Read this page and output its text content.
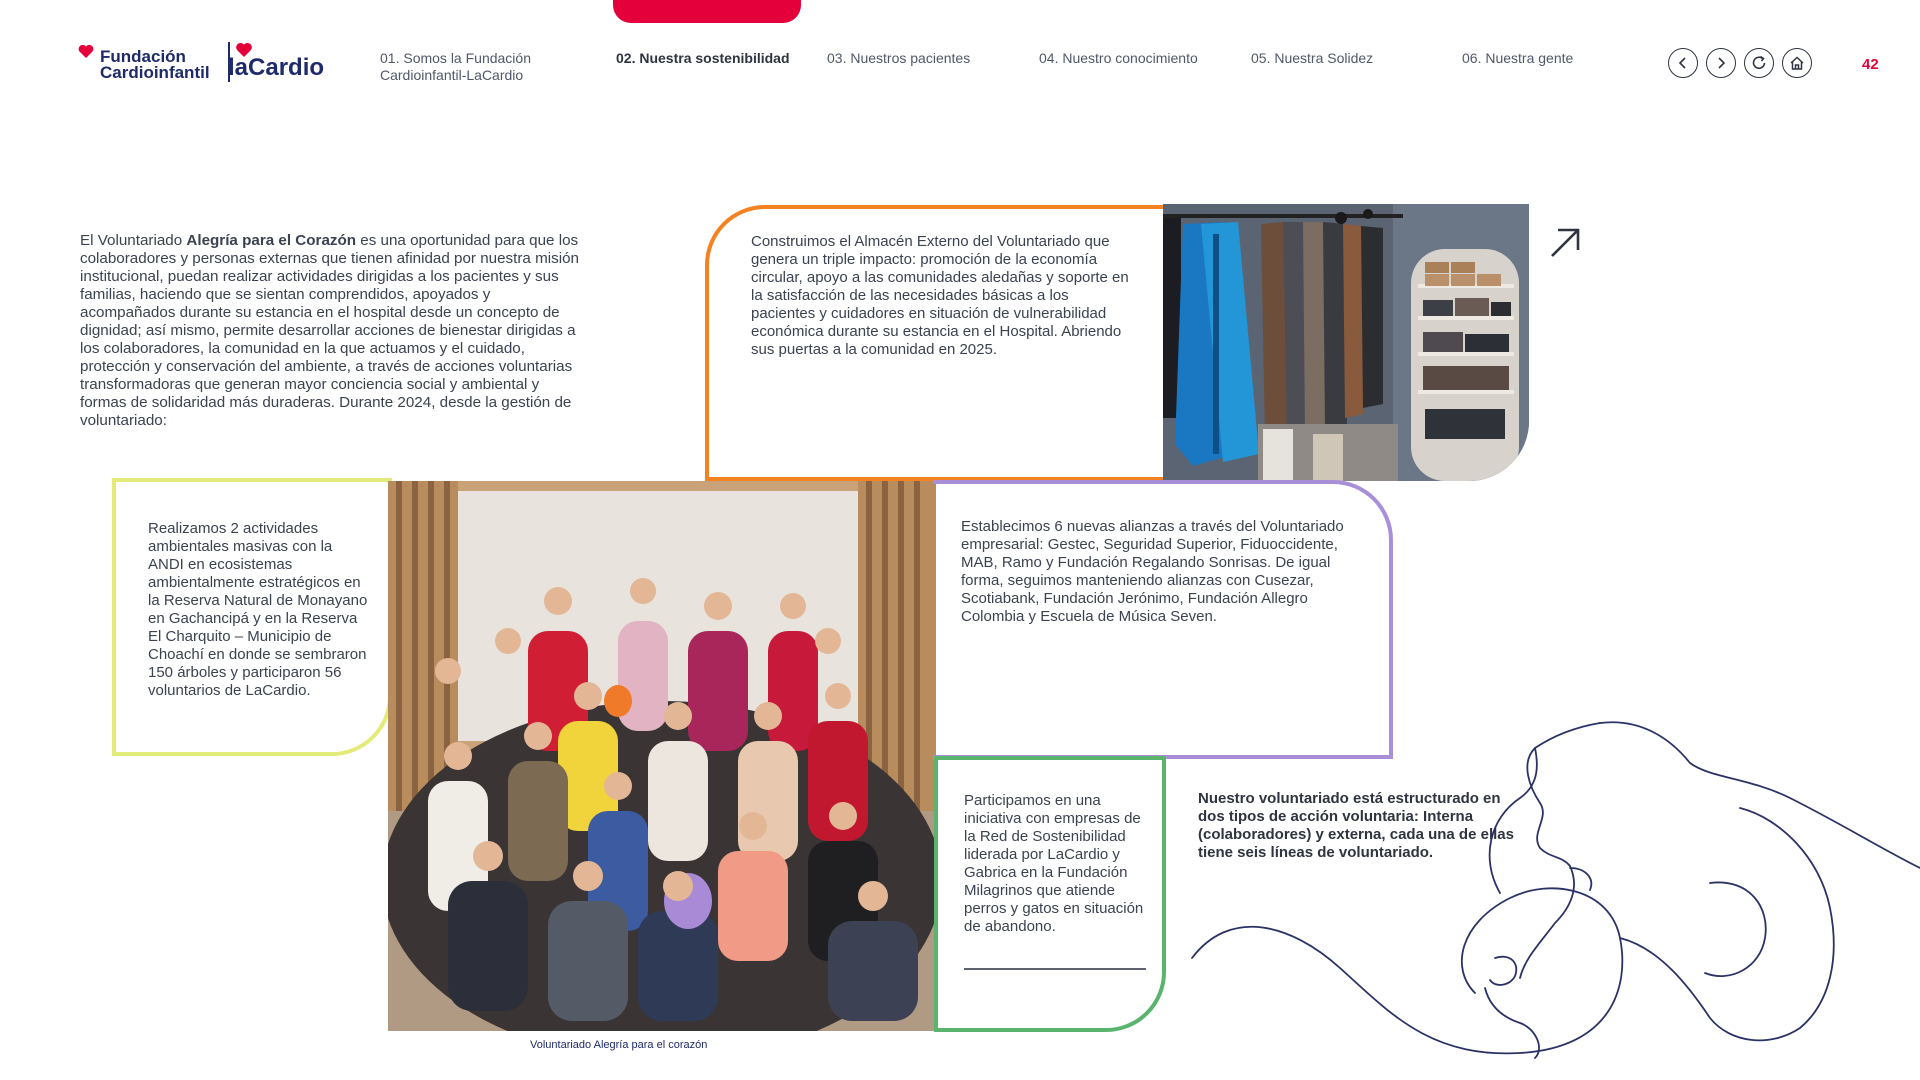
Fundación
Cardioinfantil laCardio	01. Somos la Fundación
Cardioinfantil-LaCardio
02. Nuestra sostenibilidad	03. Nuestros pacientes	04. Nuestro conocimiento	05. Nuestra Solidez	06. Nuestra gente	42
El Voluntariado Alegría para el Corazón es una oportunidad para que los colaboradores y personas externas que tienen afinidad por nuestra misión institucional, puedan realizar actividades dirigidas a los pacientes y sus familias, haciendo que se sientan comprendidos, apoyados y acompañados durante su estancia en el hospital desde un concepto de dignidad; así mismo, permite desarrollar acciones de bienestar dirigidas a los colaboradores, la comunidad en la que actuamos y el cuidado, protección y conservación del ambiente, a través de acciones voluntarias transformadoras que generan mayor conciencia social y ambiental y formas de solidaridad más duraderas. Durante 2024, desde la gestión de voluntariado:
Construimos el Almacén Externo del Voluntariado que genera un triple impacto: promoción de la economía circular, apoyo a las comunidades aledañas y soporte en la satisfacción de las necesidades básicas a los pacientes y cuidadores en situación de vulnerabilidad económica durante su estancia en el Hospital. Abriendo sus puertas a la comunidad en 2025.
Realizamos 2 actividades ambientales masivas con la ANDI en ecosistemas ambientalmente estratégicos en la Reserva Natural de Monayano en Gachancipá y en la Reserva El Charquito – Municipio de Choachí en donde se sembraron 150 árboles y participaron 56 voluntarios de LaCardio.
Voluntariado Alegría para el corazón
Establecimos 6 nuevas alianzas a través del Voluntariado empresarial: Gestec, Seguridad Superior, Fiduoccidente, MAB, Ramo y Fundación Regalando Sonrisas. De igual forma, seguimos manteniendo alianzas con Cusezar, Scotiabank, Fundación Jerónimo, Fundación Allegro Colombia y Escuela de Música Seven.
Participamos en una iniciativa con empresas de la Red de Sostenibilidad liderada por LaCardio y Gabrica en la Fundación Milagrinos que atiende perros y gatos en situación de abandono.
Nuestro voluntariado está estructurado en dos tipos de acción voluntaria: Interna (colaboradores) y externa, cada una de ellas tiene seis líneas de voluntariado.
